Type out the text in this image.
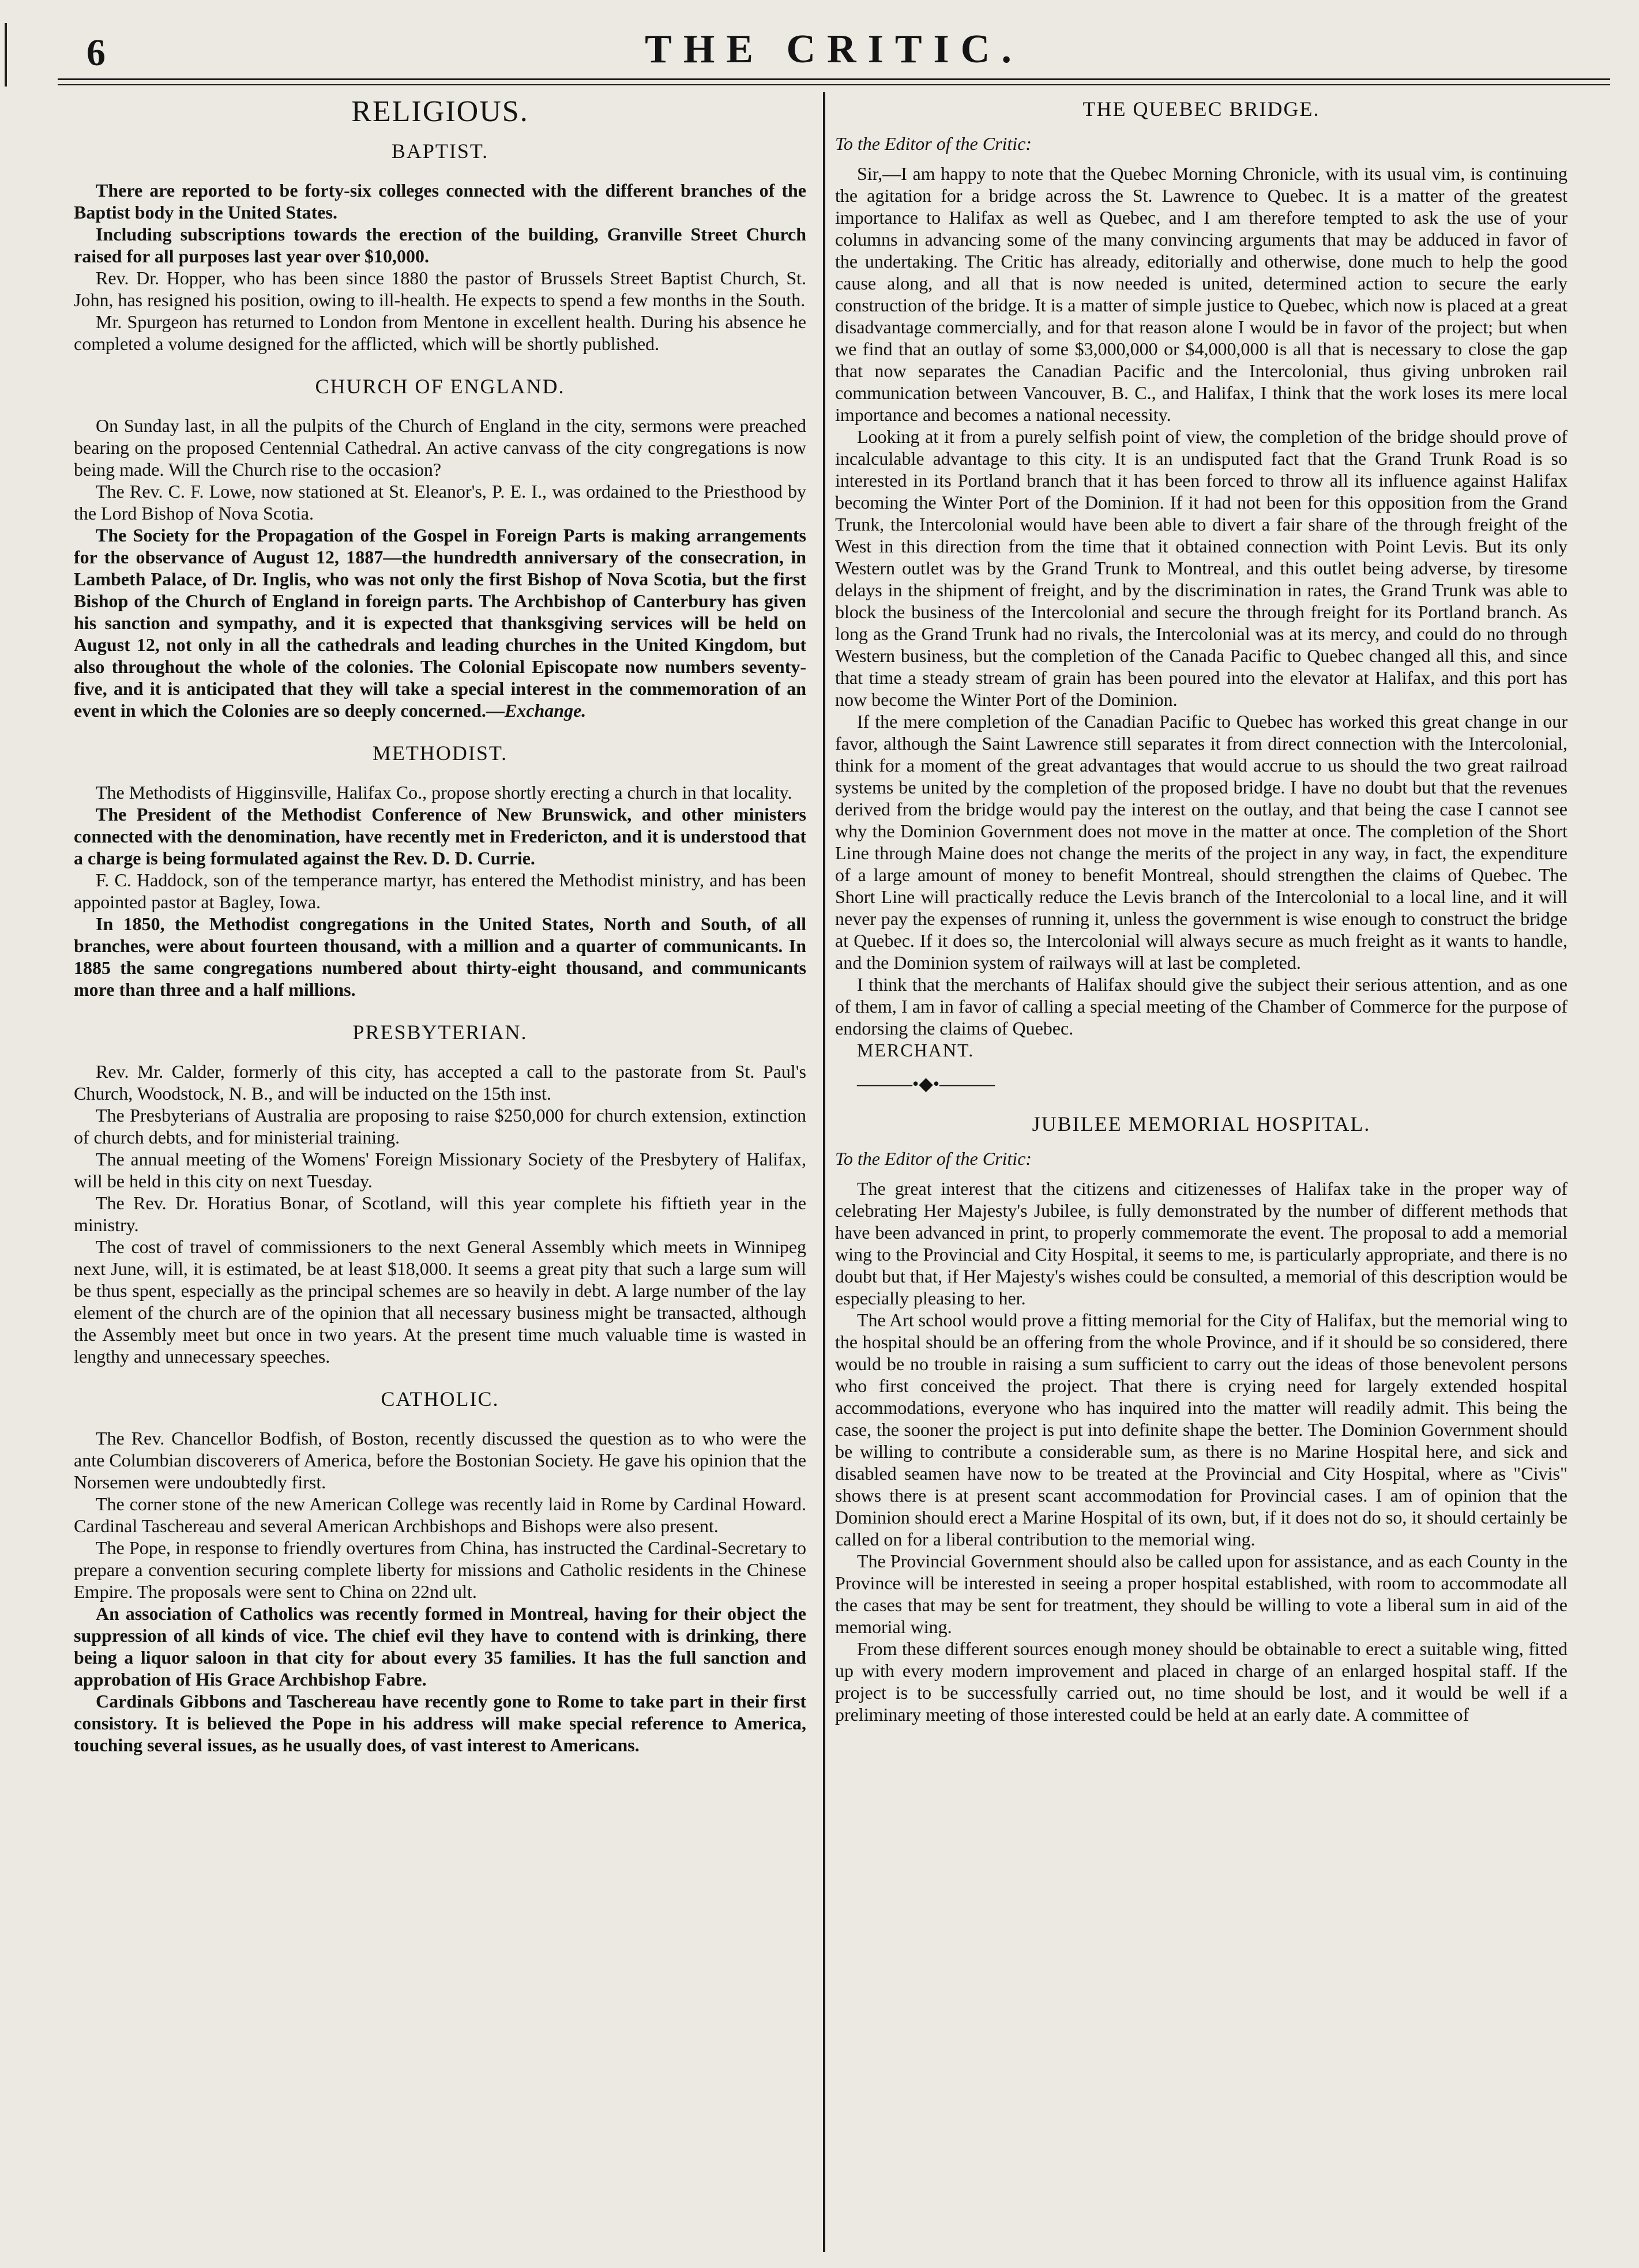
6	THE CRITIC.
RELIGIOUS.
BAPTIST.

There are reported to be forty-six colleges connected with the different branches of the Baptist body in the United States.

Including subscriptions towards the erection of the building, Granville Street Church raised for all purposes last year over $10,000.

Rev. Dr. Hopper, who has been since 1880 the pastor of Brussels Street Baptist Church, St. John, has resigned his position, owing to ill-health. He expects to spend a few months in the South.

Mr. Spurgeon has returned to London from Mentone in excellent health. During his absence he completed a volume designed for the afflicted, which will be shortly published.

CHURCH OF ENGLAND.

On Sunday last, in all the pulpits of the Church of England in the city, sermons were preached bearing on the proposed Centennial Cathedral. An active canvass of the city congregations is now being made. Will the Church rise to the occasion?

The Rev. C. F. Lowe, now stationed at St. Eleanor's, P. E. I., was ordained to the Priesthood by the Lord Bishop of Nova Scotia.

The Society for the Propagation of the Gospel in Foreign Parts is making arrangements for the observance of August 12, 1887—the hundredth anniversary of the consecration, in Lambeth Palace, of Dr. Inglis, who was not only the first Bishop of Nova Scotia, but the first Bishop of the Church of England in foreign parts. The Archbishop of Canterbury has given his sanction and sympathy, and it is expected that thanksgiving services will be held on August 12, not only in all the cathedrals and leading churches in the United Kingdom, but also throughout the whole of the colonies. The Colonial Episcopate now numbers seventy-five, and it is anticipated that they will take a special interest in the commemoration of an event in which the Colonies are so deeply concerned.—Exchange.

METHODIST.

The Methodists of Higginsville, Halifax Co., propose shortly erecting a church in that locality.

The President of the Methodist Conference of New Brunswick, and other ministers connected with the denomination, have recently met in Fredericton, and it is understood that a charge is being formulated against the Rev. D. D. Currie.

F. C. Haddock, son of the temperance martyr, has entered the Methodist ministry, and has been appointed pastor at Bagley, Iowa.

In 1850, the Methodist congregations in the United States, North and South, of all branches, were about fourteen thousand, with a million and a quarter of communicants. In 1885 the same congregations numbered about thirty-eight thousand, and communicants more than three and a half millions.

PRESBYTERIAN.

Rev. Mr. Calder, formerly of this city, has accepted a call to the pastorate from St. Paul's Church, Woodstock, N. B., and will be inducted on the 15th inst.

The Presbyterians of Australia are proposing to raise $250,000 for church extension, extinction of church debts, and for ministerial training.

The annual meeting of the Womens' Foreign Missionary Society of the Presbytery of Halifax, will be held in this city on next Tuesday.

The Rev. Dr. Horatius Bonar, of Scotland, will this year complete his fiftieth year in the ministry.

The cost of travel of commissioners to the next General Assembly which meets in Winnipeg next June, will, it is estimated, be at least $18,000. It seems a great pity that such a large sum will be thus spent, especially as the principal schemes are so heavily in debt. A large number of the lay element of the church are of the opinion that all necessary business might be transacted, although the Assembly meet but once in two years. At the present time much valuable time is wasted in lengthy and unnecessary speeches.

CATHOLIC.

The Rev. Chancellor Bodfish, of Boston, recently discussed the question as to who were the ante Columbian discoverers of America, before the Bostonian Society. He gave his opinion that the Norsemen were undoubtedly first.

The corner stone of the new American College was recently laid in Rome by Cardinal Howard. Cardinal Taschereau and several American Archbishops and Bishops were also present.

The Pope, in response to friendly overtures from China, has instructed the Cardinal-Secretary to prepare a convention securing complete liberty for missions and Catholic residents in the Chinese Empire. The proposals were sent to China on 22nd ult.

An association of Catholics was recently formed in Montreal, having for their object the suppression of all kinds of vice. The chief evil they have to contend with is drinking, there being a liquor saloon in that city for about every 35 families. It has the full sanction and approbation of His Grace Archbishop Fabre.

Cardinals Gibbons and Taschereau have recently gone to Rome to take part in their first consistory. It is believed the Pope in his address will make special reference to America, touching several issues, as he usually does, of vast interest to Americans.

THE QUEBEC BRIDGE.

To the Editor of the Critic:

Sir,—I am happy to note that the Quebec Morning Chronicle, with its usual vim, is continuing the agitation for a bridge across the St. Lawrence to Quebec. It is a matter of the greatest importance to Halifax as well as Quebec, and I am therefore tempted to ask the use of your columns in advancing some of the many convincing arguments that may be adduced in favor of the undertaking. The Critic has already, editorially and otherwise, done much to help the good cause along, and all that is now needed is united, determined action to secure the early construction of the bridge. It is a matter of simple justice to Quebec, which now is placed at a great disadvantage commercially, and for that reason alone I would be in favor of the project; but when we find that an outlay of some $3,000,000 or $4,000,000 is all that is necessary to close the gap that now separates the Canadian Pacific and the Intercolonial, thus giving unbroken rail communication between Vancouver, B. C., and Halifax, I think that the work loses its mere local importance and becomes a national necessity.

Looking at it from a purely selfish point of view, the completion of the bridge should prove of incalculable advantage to this city. It is an undisputed fact that the Grand Trunk Road is so interested in its Portland branch that it has been forced to throw all its influence against Halifax becoming the Winter Port of the Dominion. If it had not been for this opposition from the Grand Trunk, the Intercolonial would have been able to divert a fair share of the through freight of the West in this direction from the time that it obtained connection with Point Levis. But its only Western outlet was by the Grand Trunk to Montreal, and this outlet being adverse, by tiresome delays in the shipment of freight, and by the discrimination in rates, the Grand Trunk was able to block the business of the Intercolonial and secure the through freight for its Portland branch. As long as the Grand Trunk had no rivals, the Intercolonial was at its mercy, and could do no through Western business, but the completion of the Canada Pacific to Quebec changed all this, and since that time a steady stream of grain has been poured into the elevator at Halifax, and this port has now become the Winter Port of the Dominion.

If the mere completion of the Canadian Pacific to Quebec has worked this great change in our favor, although the Saint Lawrence still separates it from direct connection with the Intercolonial, think for a moment of the great advantages that would accrue to us should the two great railroad systems be united by the completion of the proposed bridge. I have no doubt but that the revenues derived from the bridge would pay the interest on the outlay, and that being the case I cannot see why the Dominion Government does not move in the matter at once. The completion of the Short Line through Maine does not change the merits of the project in any way, in fact, the expenditure of a large amount of money to benefit Montreal, should strengthen the claims of Quebec. The Short Line will practically reduce the Levis branch of the Intercolonial to a local line, and it will never pay the expenses of running it, unless the government is wise enough to construct the bridge at Quebec. If it does so, the Intercolonial will always secure as much freight as it wants to handle, and the Dominion system of railways will at last be completed.

I think that the merchants of Halifax should give the subject their serious attention, and as one of them, I am in favor of calling a special meeting of the Chamber of Commerce for the purpose of endorsing the claims of Quebec.

MERCHANT.

———•◆•———

JUBILEE MEMORIAL HOSPITAL.

To the Editor of the Critic:

The great interest that the citizens and citizenesses of Halifax take in the proper way of celebrating Her Majesty's Jubilee, is fully demonstrated by the number of different methods that have been advanced in print, to properly commemorate the event. The proposal to add a memorial wing to the Provincial and City Hospital, it seems to me, is particularly appropriate, and there is no doubt but that, if Her Majesty's wishes could be consulted, a memorial of this description would be especially pleasing to her.

The Art school would prove a fitting memorial for the City of Halifax, but the memorial wing to the hospital should be an offering from the whole Province, and if it should be so considered, there would be no trouble in raising a sum sufficient to carry out the ideas of those benevolent persons who first conceived the project. That there is crying need for largely extended hospital accommodations, everyone who has inquired into the matter will readily admit. This being the case, the sooner the project is put into definite shape the better. The Dominion Government should be willing to contribute a considerable sum, as there is no Marine Hospital here, and sick and disabled seamen have now to be treated at the Provincial and City Hospital, where as "Civis" shows there is at present scant accommodation for Provincial cases. I am of opinion that the Dominion should erect a Marine Hospital of its own, but, if it does not do so, it should certainly be called on for a liberal contribution to the memorial wing.

The Provincial Government should also be called upon for assistance, and as each County in the Province will be interested in seeing a proper hospital established, with room to accommodate all the cases that may be sent for treatment, they should be willing to vote a liberal sum in aid of the memorial wing.

From these different sources enough money should be obtainable to erect a suitable wing, fitted up with every modern improvement and placed in charge of an enlarged hospital staff. If the project is to be successfully carried out, no time should be lost, and it would be well if a preliminary meeting of those interested could be held at an early date. A committee of
